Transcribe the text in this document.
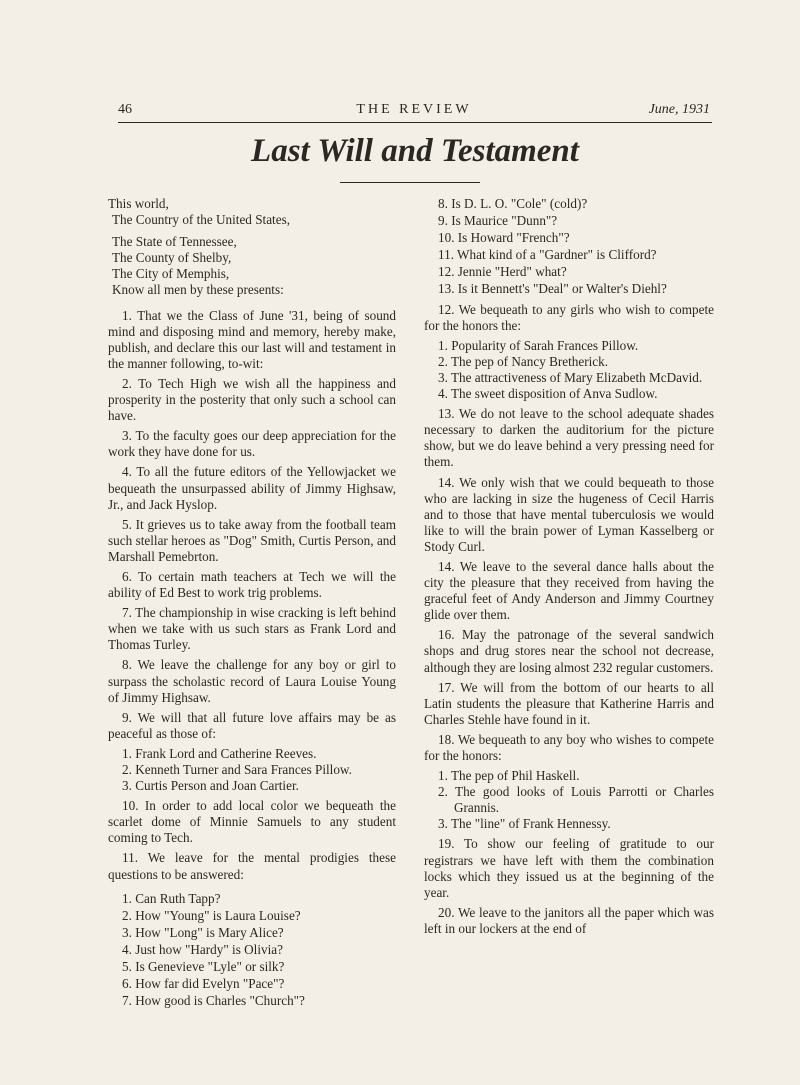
46	THE REVIEW	June, 1931
Last Will and Testament

This world,

The Country of the United States,

The State of Tennessee,

The County of Shelby,

The City of Memphis,

Know all men by these presents:

1. That we the Class of June '31, being of sound mind and disposing mind and memory, hereby make, publish, and declare this our last will and testament in the manner following, to-wit:

2. To Tech High we wish all the happiness and prosperity in the posterity that only such a school can have.

3. To the faculty goes our deep appreciation for the work they have done for us.

4. To all the future editors of the Yellowjacket we bequeath the unsurpassed ability of Jimmy Highsaw, Jr., and Jack Hyslop.

5. It grieves us to take away from the football team such stellar heroes as "Dog" Smith, Curtis Person, and Marshall Pemebrton.

6. To certain math teachers at Tech we will the ability of Ed Best to work trig problems.

7. The championship in wise cracking is left behind when we take with us such stars as Frank Lord and Thomas Turley.

8. We leave the challenge for any boy or girl to surpass the scholastic record of Laura Louise Young of Jimmy Highsaw.

9. We will that all future love affairs may be as peaceful as those of:

1. Frank Lord and Catherine Reeves.
2. Kenneth Turner and Sara Frances Pillow.
3. Curtis Person and Joan Cartier.

10. In order to add local color we bequeath the scarlet dome of Minnie Samuels to any student coming to Tech.

11. We leave for the mental prodigies these questions to be answered:

1. Can Ruth Tapp?
2. How "Young" is Laura Louise?
3. How "Long" is Mary Alice?
4. Just how "Hardy" is Olivia?
5. Is Genevieve "Lyle" or silk?
6. How far did Evelyn "Pace"?
7. How good is Charles "Church"?
8. Is D. L. O. "Cole" (cold)?
9. Is Maurice "Dunn"?
10. Is Howard "French"?
11. What kind of a "Gardner" is Clifford?
12. Jennie "Herd" what?
13. Is it Bennett's "Deal" or Walter's Diehl?

12. We bequeath to any girls who wish to compete for the honors the:

1. Popularity of Sarah Frances Pillow.
2. The pep of Nancy Bretherick.
3. The attractiveness of Mary Elizabeth McDavid.
4. The sweet disposition of Anva Sudlow.

13. We do not leave to the school adequate shades necessary to darken the auditorium for the picture show, but we do leave behind a very pressing need for them.

14. We only wish that we could bequeath to those who are lacking in size the hugeness of Cecil Harris and to those that have mental tuberculosis we would like to will the brain power of Lyman Kasselberg or Stody Curl.

14. We leave to the several dance halls about the city the pleasure that they received from having the graceful feet of Andy Anderson and Jimmy Courtney glide over them.

16. May the patronage of the several sandwich shops and drug stores near the school not decrease, although they are losing almost 232 regular customers.

17. We will from the bottom of our hearts to all Latin students the pleasure that Katherine Harris and Charles Stehle have found in it.

18. We bequeath to any boy who wishes to compete for the honors:

1. The pep of Phil Haskell.
2. The good looks of Louis Parrotti or Charles Grannis.
3. The "line" of Frank Hennessy.

19. To show our feeling of gratitude to our registrars we have left with them the combination locks which they issued us at the beginning of the year.

20. We leave to the janitors all the paper which was left in our lockers at the end of
